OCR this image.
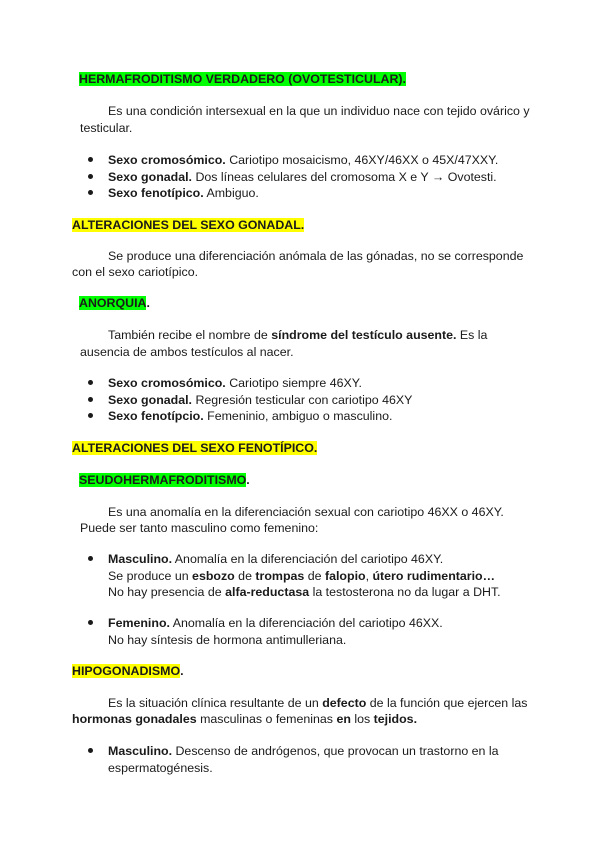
HERMAFRODITISMO VERDADERO (OVOTESTICULAR).
Es una condición intersexual en la que un individuo nace con tejido ovárico y
testicular.
Sexo cromosómico. Cariotipo mosaicismo, 46XY/46XX o 45X/47XXY.
Sexo gonadal. Dos líneas celulares del cromosoma X e Y → Ovotesti.
Sexo fenotípico. Ambiguo.
ALTERACIONES DEL SEXO GONADAL.
Se produce una diferenciación anómala de las gónadas, no se corresponde
con el sexo cariotípico.
ANORQUIA.
También recibe el nombre de síndrome del testículo ausente. Es la
ausencia de ambos testículos al nacer.
Sexo cromosómico. Cariotipo siempre 46XY.
Sexo gonadal. Regresión testicular con cariotipo 46XY
Sexo fenotípcio. Femeninio, ambiguo o masculino.
ALTERACIONES DEL SEXO FENOTÍPICO.
SEUDOHERMAFRODITISMO.
Es una anomalía en la diferenciación sexual con cariotipo 46XX o 46XY.
Puede ser tanto masculino como femenino:
Masculino. Anomalía en la diferenciación del cariotipo 46XY.
Se produce un esbozo de trompas de falopio, útero rudimentario…
No hay presencia de alfa-reductasa la testosterona no da lugar a DHT.
Femenino. Anomalía en la diferenciación del cariotipo 46XX.
No hay síntesis de hormona antimulleriana.
HIPOGONADISMO.
Es la situación clínica resultante de un defecto de la función que ejercen las
hormonas gonadales masculinas o femeninas en los tejidos.
Masculino. Descenso de andrógenos, que provocan un trastorno en la
espermatogénesis.
